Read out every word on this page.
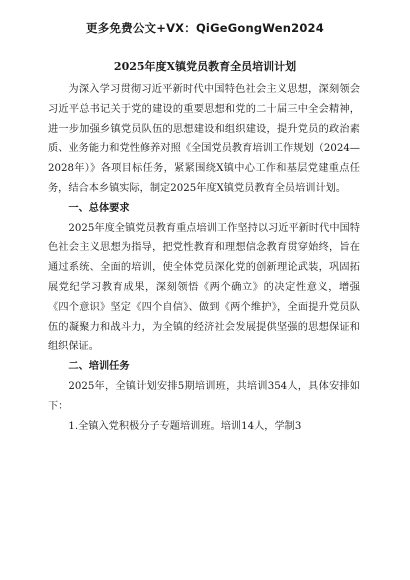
更多免费公文+VX：QiGeGongWen2024
2025年度X镇党员教育全员培训计划

为深入学习贯彻习近平新时代中国特色社会主义思想，深刻领会习近平总书记关于党的建设的重要思想和党的二十届三中全会精神，进一步加强乡镇党员队伍的思想建设和组织建设，提升党员的政治素质、业务能力和党性修养对照《全国党员教育培训工作规划（2024—2028年）》各项目标任务，紧紧围绕X镇中心工作和基层党建重点任务，结合本乡镇实际，制定2025年度X镇党员教育全员培训计划。

一、总体要求

2025年度全镇党员教育重点培训工作坚持以习近平新时代中国特色社会主义思想为指导，把党性教育和理想信念教育贯穿始终，旨在通过系统、全面的培训，使全体党员深化党的创新理论武装，巩固拓展党纪学习教育成果，深刻领悟《两个确立》的决定性意义，增强《四个意识》坚定《四个自信》、做到《两个维护》，全面提升党员队伍的凝聚力和战斗力，为全镇的经济社会发展提供坚强的思想保证和组织保证。

二、培训任务

2025年，全镇计划安排5期培训班，共培训354人，具体安排如下：

1.全镇入党积极分子专题培训班。培训14人，学制3
